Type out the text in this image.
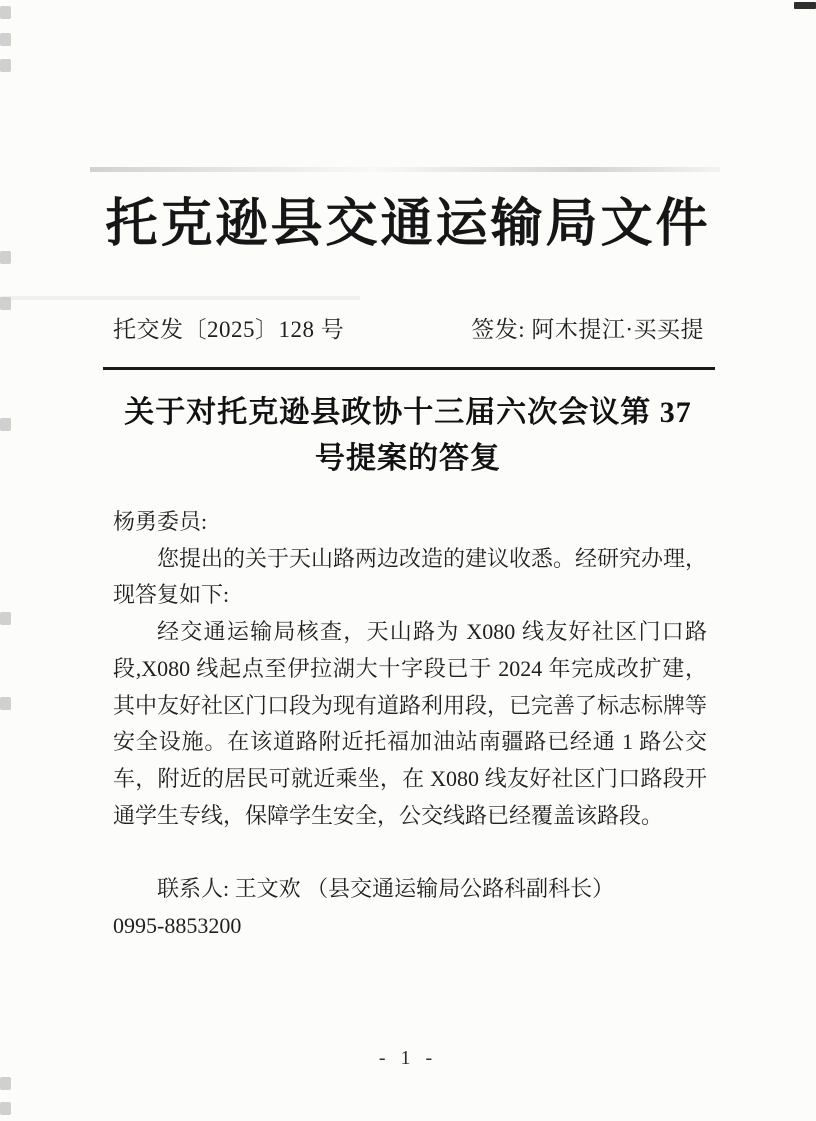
托克逊县交通运输局文件
托交发〔2025〕128 号	签发: 阿木提江·买买提
关于对托克逊县政协十三届六次会议第 37
号提案的答复

杨勇委员:

您提出的关于天山路两边改造的建议收悉。经研究办理，现答复如下:

经交通运输局核查，天山路为 X080 线友好社区门口路段,X080 线起点至伊拉湖大十字段已于 2024 年完成改扩建，其中友好社区门口段为现有道路利用段，已完善了标志标牌等安全设施。在该道路附近托福加油站南疆路已经通 1 路公交车，附近的居民可就近乘坐，在 X080 线友好社区门口路段开通学生专线，保障学生安全，公交线路已经覆盖该路段。

联系人: 王文欢 （县交通运输局公路科副科长）

0995-8853200

- 1 -
